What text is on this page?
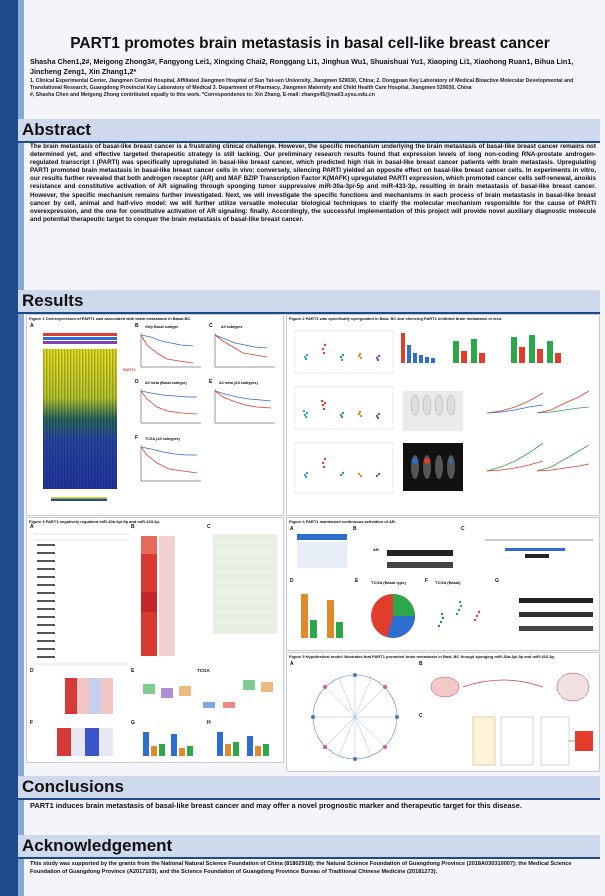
PART1 promotes brain metastasis in basal cell-like breast cancer
Shasha Chen1,2#, Meigong Zhong3#, Fangyong Lei1, Xingxing Chai2, Ronggang Li1, Jinghua Wu1, Shuaishuai Yu1, Xiaoping Li1, Xiaohong Ruan1, Bihua Lin1, Jincheng Zeng1, Xin Zhang1,2*
1. Clinical Experimental Center, Jiangmen Central Hospital, Affiliated Jiangmen Hospital of Sun Yat-sen University, Jiangmen 529030, China; 2. Dongguan Key Laboratory of Medical Bioactive Molecular Developmental and Translational Research, Guangdong Provincial Key Laboratory of Medical 3. Department of Pharmacy, Jiangmen Maternity and Child Health Care Hospital, Jiangmen 529030, China
#, Shasha Chen and Meigong Zhong contributed equally to this work. *Correspondence to: Xin Zhang, E-mail: zhangx45@mail3.sysu.edu.cn
Abstract
The brain metastasis of basal-like breast cancer is a frustrating clinical challenge. However, the specific mechanism underlying the brain metastasis of basal-like breast cancer remains not determined yet, and effective targeted therapeutic strategy is still lacking. Our preliminary research results found that expression levels of long non-coding RNA-prostate androgen-regulated transcript I (PARTI) was specifically upregulated in basal-like breast cancer, which predicted high risk in basal-like breast cancer patients with brain metastasis. Upregulating PARTI promoted brain metastasis in basal-like breast cancer cells in vivo: conversely, silencing PARTI yielded an opposite effect on basal-like breast cancer cells. In experiments in vitro, our results further revealed that both androgen receptor (AR) and MAF BZIP Transcription Factor K(MAFK) upregulated PARTI expression, which promoted cancer cells self-renewal, anoikis resistance and constitutive activation of AR signaling through sponging tumor suppressive miR-30a-3p/-5p and miR-433-3p, resulting in brain metastasis of basal-like breast cancer. However, the specific mechanism remains further investigated. Next, we will investigate the specific functions and mechanisms in each process of brain metastasis in basal-like breast cancer by cell, animal and half-vivo model: we will further utilize versatile molecular biological techniques to clarify the molecular mechanism responsible for the cause of PARTI overexpression, and the one for constitutive activation of AR signaling: finally. Accordingly, the successful implementation of this project will provide novel auxiliary diagnostic molecule and potential therapeutic target to conquer the brain metastasis of basal-like breast cancer.
Results
Figure 1 Overexpression of PART1 was associated with brain metastasis in Basal BC.
A
PART1
B Only Basal subtype	C All subtypes
D All meta (Basal subtype)	E All meta (All subtypes)
F TCGA (All subtypes)
Figure 2 PART1 was specifically upregulated in BasL BC and silencing PART1 inhibited brain metastasis in vivo.
Figure 3 PART1 negatively regulated miR-30a-3p/-5p and miR-433-3p.
A	B	C
D	E	TCGA
F	G	H
Figure 4 PART1 maintained continuous activation of AR.
A	B
AR
C
D	E	TCGA (Basal type)	F TCGA (Basal)	G
Figure 5 Hypothetical model illustrates that PART1 promoted brain metastasis in BasL BC though sponging miR-30a-3p/-5p and miR-433-3p.
A	B
C
Conclusions
PART1 induces brain metastasis of basal-like breast cancer and may offer a novel prognostic marker and therapeutic target for this disease.
Acknowledgement
This study was supported by the grants from the National Natural Science Foundation of China (81802918); the Natural Science Foundation of Guangdong Province (2018A030310007); the Medical Science Foundation of Guangdong Province (A2017103), and the Science Foundation of Guangdong Province Bureau of Traditional Chinese Medicine (20181273).
